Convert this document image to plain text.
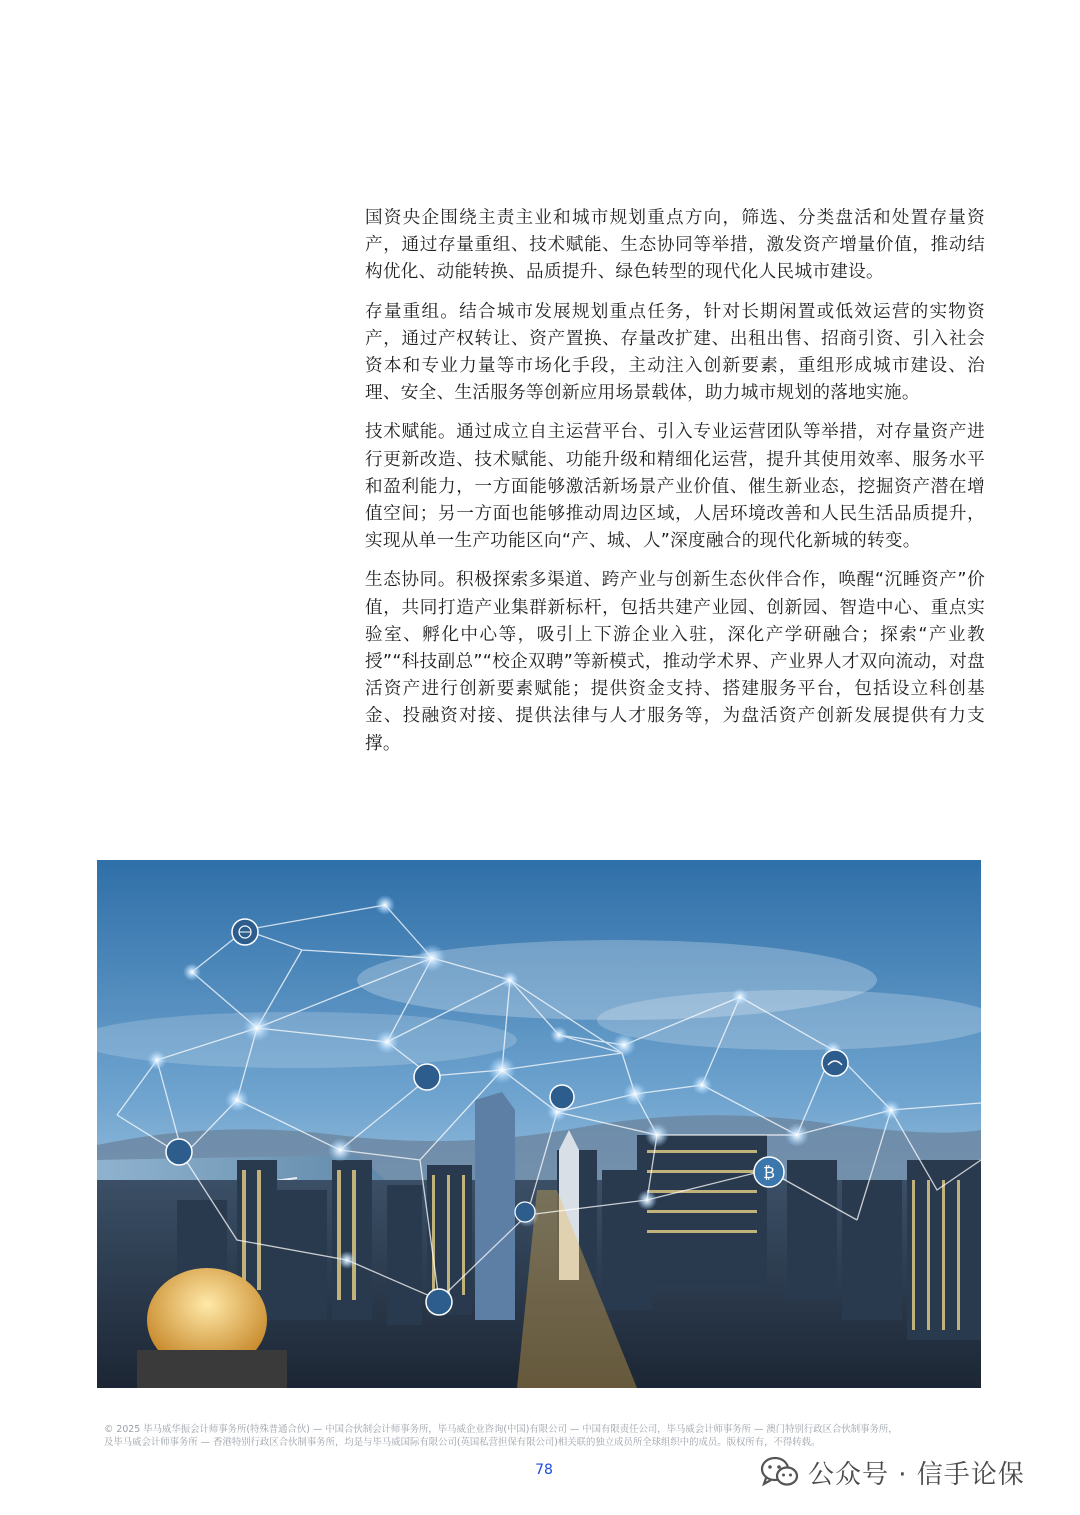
国资央企围绕主责主业和城市规划重点方向，筛选、分类盘活和处置存量资产，通过存量重组、技术赋能、生态协同等举措，激发资产增量价值，推动结构优化、动能转换、品质提升、绿色转型的现代化人民城市建设。

存量重组。结合城市发展规划重点任务，针对长期闲置或低效运营的实物资产，通过产权转让、资产置换、存量改扩建、出租出售、招商引资、引入社会资本和专业力量等市场化手段，主动注入创新要素，重组形成城市建设、治理、安全、生活服务等创新应用场景载体，助力城市规划的落地实施。

技术赋能。通过成立自主运营平台、引入专业运营团队等举措，对存量资产进行更新改造、技术赋能、功能升级和精细化运营，提升其使用效率、服务水平和盈利能力，一方面能够激活新场景产业价值、催生新业态，挖掘资产潜在增值空间；另一方面也能够推动周边区域，人居环境改善和人民生活品质提升，实现从单一生产功能区向“产、城、人”深度融合的现代化新城的转变。

生态协同。积极探索多渠道、跨产业与创新生态伙伴合作，唤醒“沉睡资产”价值，共同打造产业集群新标杆，包括共建产业园、创新园、智造中心、重点实验室、孵化中心等，吸引上下游企业入驻，深化产学研融合；探索“产业教授”“科技副总”“校企双聘”等新模式，推动学术界、产业界人才双向流动，对盘活资产进行创新要素赋能；提供资金支持、搭建服务平台，包括设立科创基金、投融资对接、提供法律与人才服务等，为盘活资产创新发展提供有力支撑。

₿
© 2025 毕马威华振会计师事务所(特殊普通合伙) — 中国合伙制会计师事务所，毕马威企业咨询(中国)有限公司 — 中国有限责任公司，毕马威会计师事务所 — 澳门特别行政区合伙制事务所，
及毕马威会计师事务所 — 香港特别行政区合伙制事务所，均是与毕马威国际有限公司(英国私营担保有限公司)相关联的独立成员所全球组织中的成员。版权所有，不得转载。
78	公众号 · 信手论保
